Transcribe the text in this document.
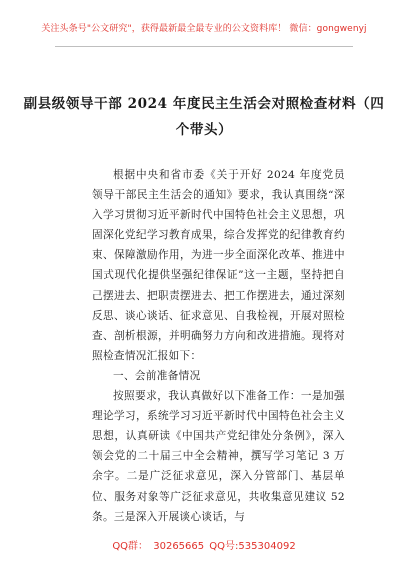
关注头条号"公文研究"，获得最新最全最专业的公文资料库！ 微信：gongwenyj
副县级领导干部 2024 年度民主生活会对照检查材料（四
个带头）

根据中央和省市委《关于开好 2024 年度党员领导干部民主生活会的通知》要求，我认真围绕“深入学习贯彻习近平新时代中国特色社会主义思想，巩固深化党纪学习教育成果，综合发挥党的纪律教育约束、保障激励作用，为进一步全面深化改革、推进中国式现代化提供坚强纪律保证”这一主题，坚持把自己摆进去、把职责摆进去、把工作摆进去，通过深刻反思、谈心谈话、征求意见、自我检视，开展对照检查、剖析根源，并明确努力方向和改进措施。现将对照检查情况汇报如下：

一、会前准备情况

按照要求，我认真做好以下准备工作：一是加强理论学习，系统学习习近平新时代中国特色社会主义思想，认真研读《中国共产党纪律处分条例》，深入领会党的二十届三中全会精神，撰写学习笔记 3 万余字。二是广泛征求意见，深入分管部门、基层单位、服务对象等广泛征求意见，共收集意见建议 52 条。三是深入开展谈心谈话，与

QQ群： 30265665 QQ号:535304092
